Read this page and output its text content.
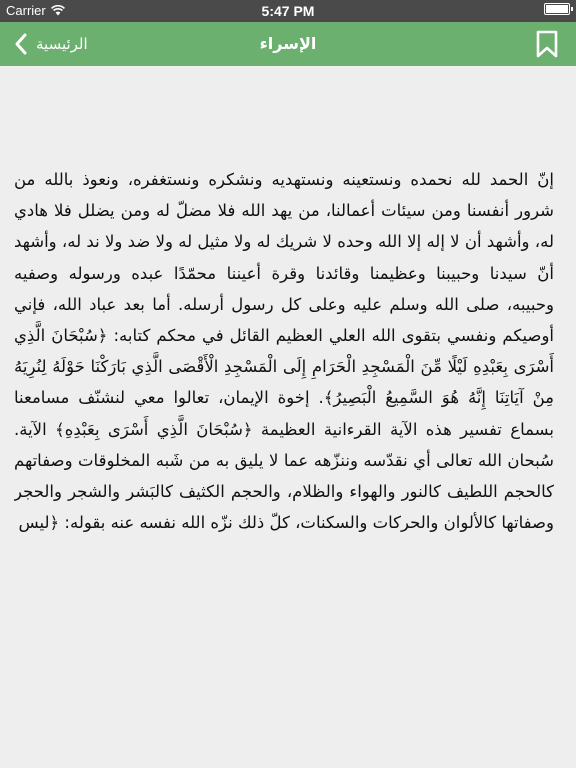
Carrier	5:47 PM
الرئيسية	الإسراء

إنّ الحمد لله نحمده ونستعينه ونستهديه ونشكره ونستغفره، ونعوذ بالله من شرور أنفسنا ومن سيئات أعمالنا، من يهد الله فلا مضلّ له ومن يضلل فلا هادي له، وأشهد أن لا إله إلا الله وحده لا شريك له ولا مثيل له ولا ضد ولا ند له، وأشهد أنّ سيدنا وحبيبنا وعظيمنا وقائدنا وقرة أعيننا محمّدًا عبده ورسوله وصفيه وحبيبه، صلى الله وسلم عليه وعلى كل رسول أرسله. أما بعد عباد الله، فإني أوصيكم ونفسي بتقوى الله العلي العظيم القائل في محكم كتابه: ﴿سُبْحَانَ الَّذِي أَسْرَى بِعَبْدِهِ لَيْلًا مِّنَ الْمَسْجِدِ الْحَرَامِ إِلَى الْمَسْجِدِ الْأَقْصَى الَّذِي بَارَكْنَا حَوْلَهُ لِنُرِيَهُ مِنْ آيَاتِنَا إِنَّهُ هُوَ السَّمِيعُ الْبَصِيرُ﴾. إخوة الإيمان، تعالوا معي لنشنّف مسامعنا بسماع تفسير هذه الآية القرءانية العظيمة ﴿سُبْحَانَ الَّذِي أَسْرَى بِعَبْدِهِ﴾ الآية. سُبحان الله تعالى أي نقدّسه وننزّهه عما لا يليق به من شَبه المخلوقات وصفاتهم كالحجم اللطيف كالنور والهواء والظلام، والحجم الكثيف كالبَشر والشجر والحجر وصفاتها كالألوان والحركات والسكنات، كلّ ذلك نزّه الله نفسه عنه بقوله: ﴿ليس
